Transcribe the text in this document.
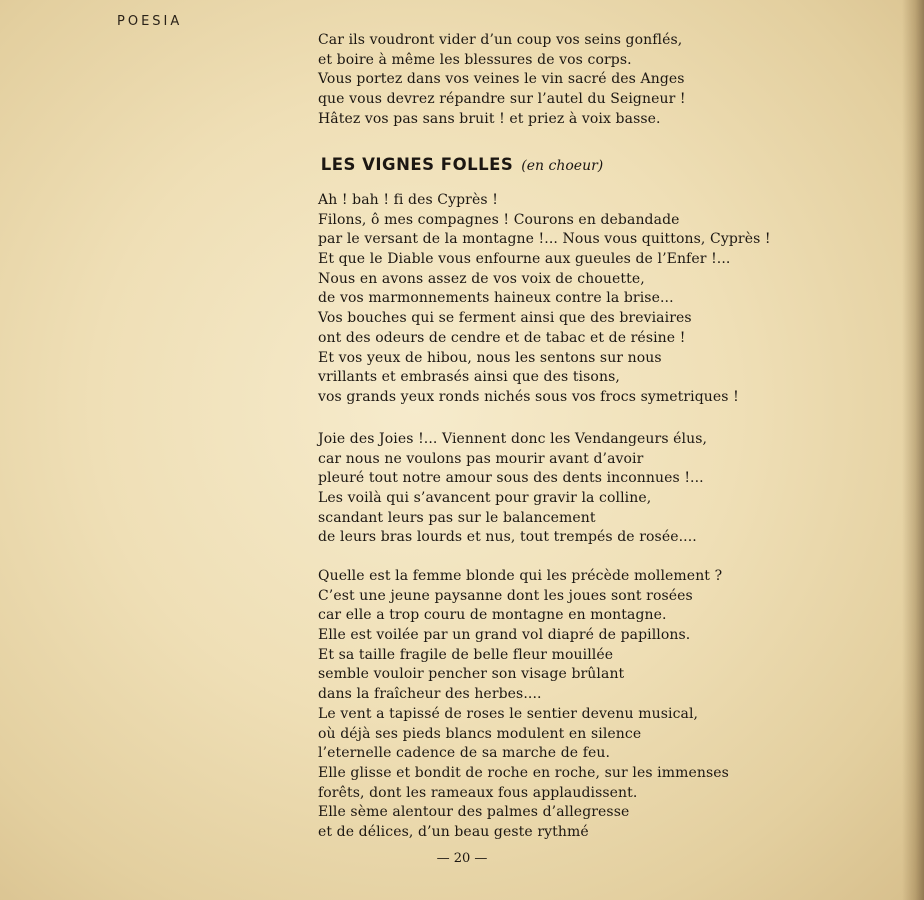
POESIA
Car ils voudront vider d’un coup vos seins gonflés,
et boire à même les blessures de vos corps.
Vous portez dans vos veines le vin sacré des Anges
que vous devrez répandre sur l’autel du Seigneur !
Hâtez vos pas sans bruit ! et priez à voix basse.
LES VIGNES FOLLES (en choeur)
Ah ! bah ! fi des Cyprès !
Filons, ô mes compagnes ! Courons en debandade
par le versant de la montagne !... Nous vous quittons, Cyprès !
Et que le Diable vous enfourne aux gueules de l’Enfer !...
Nous en avons assez de vos voix de chouette,
de vos marmonnements haineux contre la brise...
Vos bouches qui se ferment ainsi que des breviaires
ont des odeurs de cendre et de tabac et de résine !
Et vos yeux de hibou, nous les sentons sur nous
vrillants et embrasés ainsi que des tisons,
vos grands yeux ronds nichés sous vos frocs symetriques !
Joie des Joies !... Viennent donc les Vendangeurs élus,
car nous ne voulons pas mourir avant d’avoir
pleuré tout notre amour sous des dents inconnues !...
Les voilà qui s’avancent pour gravir la colline,
scandant leurs pas sur le balancement
de leurs bras lourds et nus, tout trempés de rosée....
Quelle est la femme blonde qui les précède mollement ?
C’est une jeune paysanne dont les joues sont rosées
car elle a trop couru de montagne en montagne.
Elle est voilée par un grand vol diapré de papillons.
Et sa taille fragile de belle fleur mouillée
semble vouloir pencher son visage brûlant
dans la fraîcheur des herbes....
Le vent a tapissé de roses le sentier devenu musical,
où déjà ses pieds blancs modulent en silence
l’eternelle cadence de sa marche de feu.
Elle glisse et bondit de roche en roche, sur les immenses
forêts, dont les rameaux fous applaudissent.
Elle sème alentour des palmes d’allegresse
et de délices, d’un beau geste rythmé
— 20 —
